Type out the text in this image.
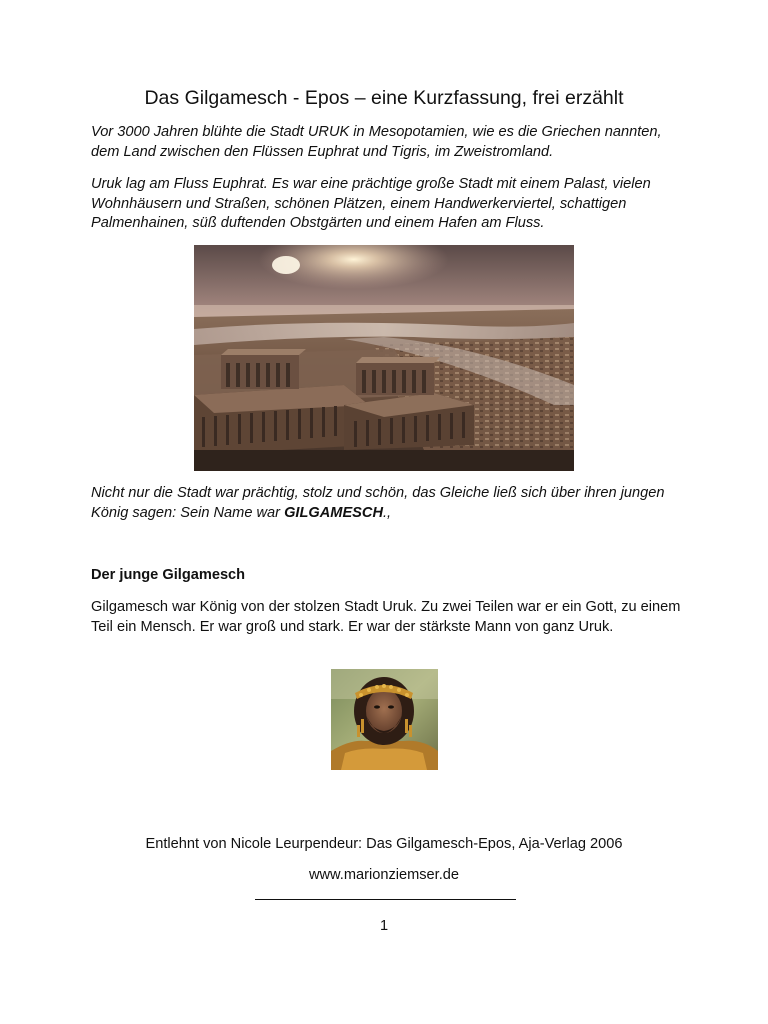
Das Gilgamesch - Epos – eine Kurzfassung, frei erzählt

Vor 3000 Jahren blühte die Stadt URUK in Mesopotamien, wie es die Griechen nannten, dem Land zwischen den Flüssen Euphrat und Tigris, im Zweistromland.

Uruk lag am Fluss Euphrat. Es war eine prächtige große Stadt mit einem Palast, vielen Wohnhäusern und Straßen, schönen Plätzen, einem Handwerkerviertel, schattigen Palmenhainen, süß duftenden Obstgärten und einem Hafen am Fluss.

Nicht nur die Stadt war prächtig, stolz und schön, das Gleiche ließ sich über ihren jungen König sagen: Sein Name war GILGAMESCH.,

Der junge Gilgamesch

Gilgamesch war König von der stolzen Stadt Uruk. Zu zwei Teilen war er ein Gott, zu einem Teil ein Mensch. Er war groß und stark. Er war der stärkste Mann von ganz Uruk.

Entlehnt von Nicole Leurpendeur: Das Gilgamesch-Epos, Aja-Verlag 2006

www.marionziemser.de

1
